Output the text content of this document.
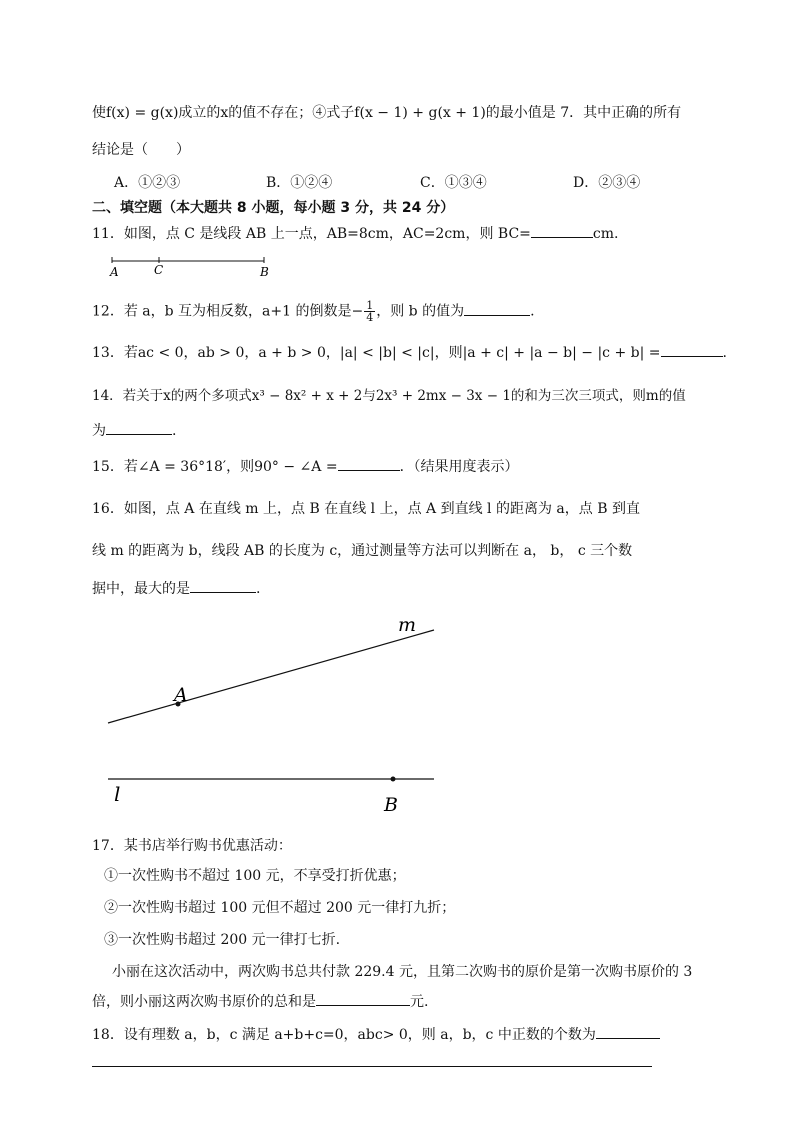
使f(x) = g(x)成立的x的值不存在；④式子f(x − 1) + g(x + 1)的最小值是 7．其中正确的所有
结论是（　　）
A．①②③	B．①②④	C．①③④	D．②③④
二、填空题（本大题共 8 小题，每小题 3 分，共 24 分）
11．如图，点 C 是线段 AB 上一点，AB=8cm，AC=2cm，则 BC=	cm.
A	C	B
12．若 a，b 互为相反数，a+1 的倒数是− $\frac{1}{4}$ ，则 b 的值为	.
13．若ac < 0，ab > 0，a + b > 0，|a| < |b| < |c|，则|a + c| + |a − b| − |c + b| =	.
14．若关于x的两个多项式x³ − 8x² + x + 2与2x³ + 2mx − 3x − 1的和为三次三项式，则m的值
为	.
15．若∠A = 36°18′，则90° − ∠A =	．（结果用度表示）
16．如图，点 A 在直线 m 上，点 B 在直线 l 上，点 A 到直线 l 的距离为 a，点 B 到直
线 m 的距离为 b，线段 AB 的长度为 c，通过测量等方法可以判断在 a， b， c 三个数
据中，最大的是	.
m
A
l	B
17．某书店举行购书优惠活动：
①一次性购书不超过 100 元，不享受打折优惠；
②一次性购书超过 100 元但不超过 200 元一律打九折；
③一次性购书超过 200 元一律打七折.
小丽在这次活动中，两次购书总共付款 229.4 元，且第二次购书的原价是第一次购书原价的 3
倍，则小丽这两次购书原价的总和是	元.
18．设有理数 a，b，c 满足 a+b+c=0，abc> 0，则 a，b，c 中正数的个数为
